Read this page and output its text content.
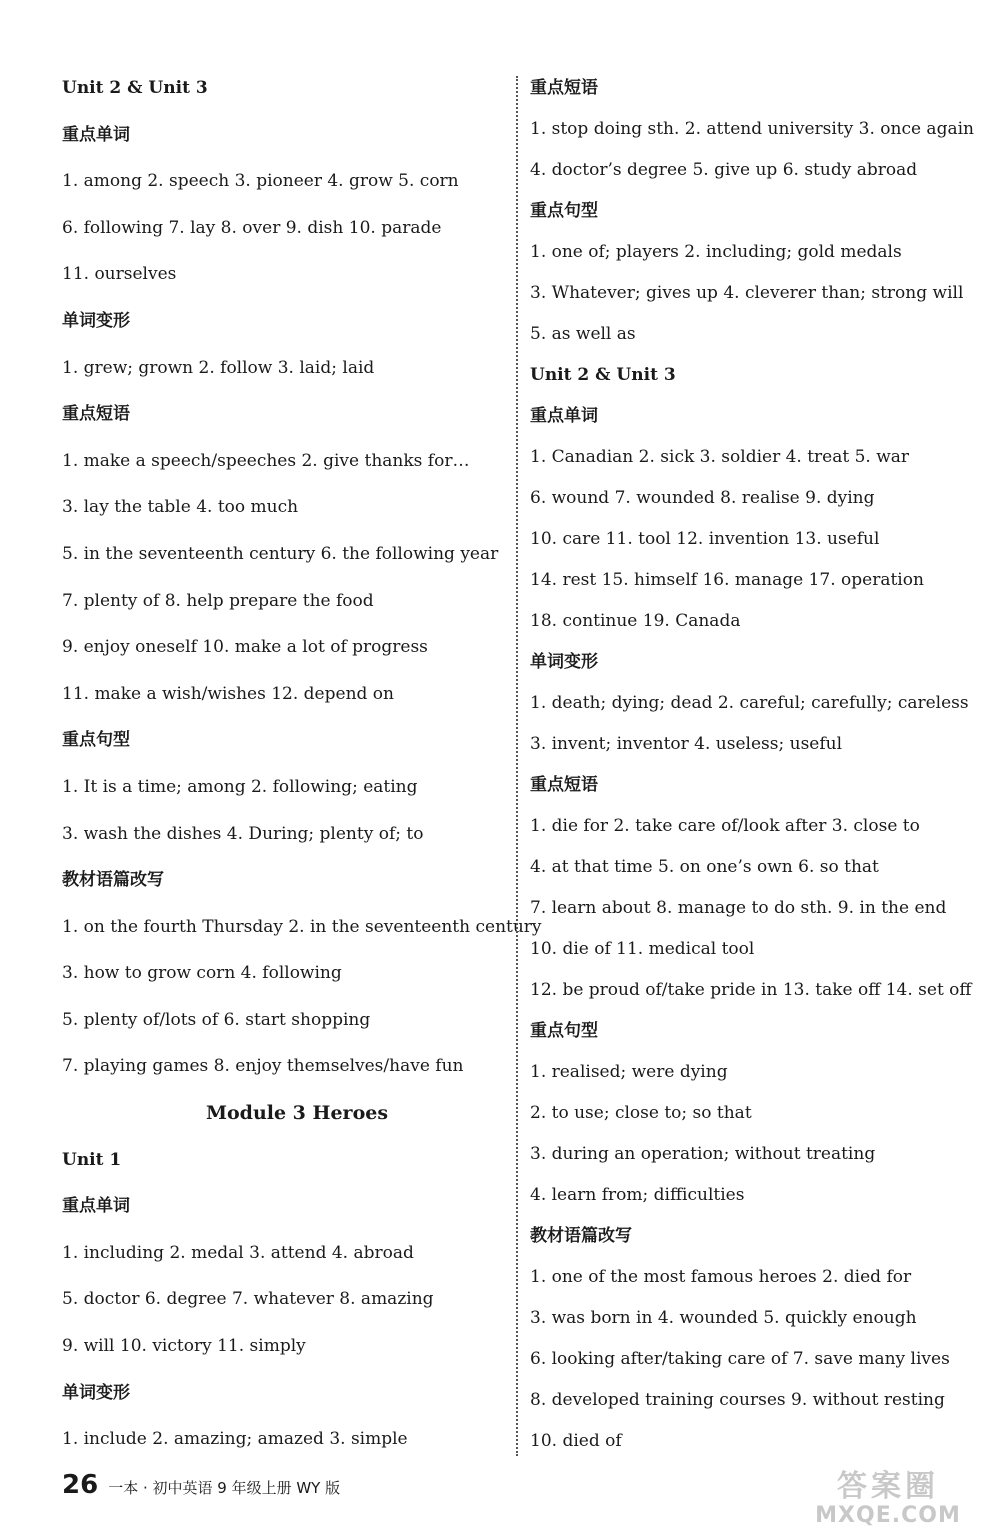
Unit 2 & Unit 3
重点单词
1. among 2. speech 3. pioneer 4. grow 5. corn
6. following 7. lay 8. over 9. dish 10. parade
11. ourselves
单词变形
1. grew; grown 2. follow 3. laid; laid
重点短语
1. make a speech/speeches 2. give thanks for…
3. lay the table 4. too much
5. in the seventeenth century 6. the following year
7. plenty of 8. help prepare the food
9. enjoy oneself 10. make a lot of progress
11. make a wish/wishes 12. depend on
重点句型
1. It is a time; among 2. following; eating
3. wash the dishes 4. During; plenty of; to
教材语篇改写
1. on the fourth Thursday 2. in the seventeenth century
3. how to grow corn 4. following
5. plenty of/lots of 6. start shopping
7. playing games 8. enjoy themselves/have fun
Module 3 Heroes
Unit 1
重点单词
1. including 2. medal 3. attend 4. abroad
5. doctor 6. degree 7. whatever 8. amazing
9. will 10. victory 11. simply
单词变形
1. include 2. amazing; amazed 3. simple
重点短语
1. stop doing sth. 2. attend university 3. once again
4. doctor’s degree 5. give up 6. study abroad
重点句型
1. one of; players 2. including; gold medals
3. Whatever; gives up 4. cleverer than; strong will
5. as well as
Unit 2 & Unit 3
重点单词
1. Canadian 2. sick 3. soldier 4. treat 5. war
6. wound 7. wounded 8. realise 9. dying
10. care 11. tool 12. invention 13. useful
14. rest 15. himself 16. manage 17. operation
18. continue 19. Canada
单词变形
1. death; dying; dead 2. careful; carefully; careless
3. invent; inventor 4. useless; useful
重点短语
1. die for 2. take care of/look after 3. close to
4. at that time 5. on one’s own 6. so that
7. learn about 8. manage to do sth. 9. in the end
10. die of 11. medical tool
12. be proud of/take pride in 13. take off 14. set off
重点句型
1. realised; were dying
2. to use; close to; so that
3. during an operation; without treating
4. learn from; difficulties
教材语篇改写
1. one of the most famous heroes 2. died for
3. was born in 4. wounded 5. quickly enough
6. looking after/taking care of 7. save many lives
8. developed training courses 9. without resting
10. died of
26 一本 · 初中英语 9 年级上册 WY 版	答案圈
MXQE.COM
